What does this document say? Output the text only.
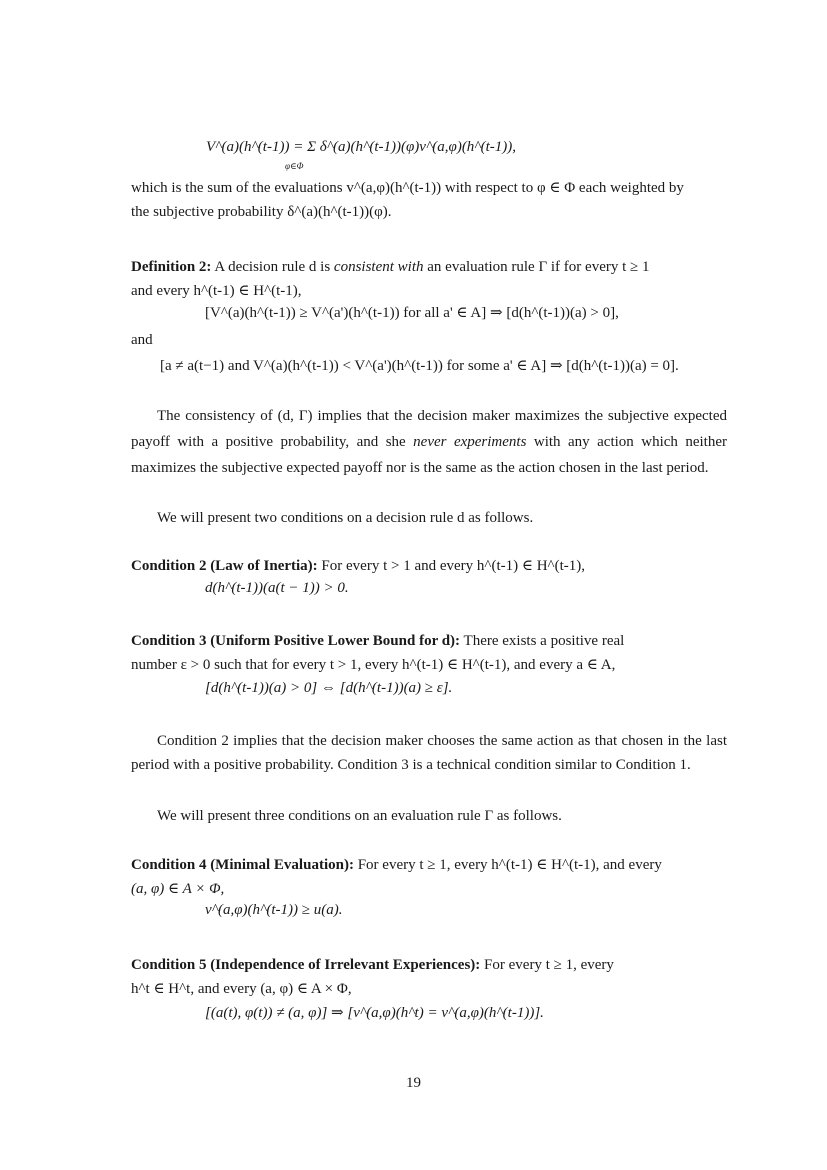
V^(a)(h^(t-1)) = Σ δ^(a)(h^(t-1))(φ)v^(a,φ)(h^(t-1)),
φ∈Φ

which is the sum of the evaluations v^(a,φ)(h^(t-1)) with respect to φ ∈ Φ each weighted by

the subjective probability δ^(a)(h^(t-1))(φ).

Definition 2: A decision rule d is consistent with an evaluation rule Γ if for every t ≥ 1

and every h^(t-1) ∈ H^(t-1),

[V^(a)(h^(t-1)) ≥ V^(a')(h^(t-1)) for all a' ∈ A] ⇒ [d(h^(t-1))(a) > 0],
and
[a ≠ a(t−1) and V^(a)(h^(t-1)) < V^(a')(h^(t-1)) for some a' ∈ A] ⇒ [d(h^(t-1))(a) = 0].

The consistency of (d, Γ) implies that the decision maker maximizes the subjective expected payoff with a positive probability, and she never experiments with any action which neither maximizes the subjective expected payoff nor is the same as the action chosen in the last period.

We will present two conditions on a decision rule d as follows.

Condition 2 (Law of Inertia): For every t > 1 and every h^(t-1) ∈ H^(t-1),

d(h^(t-1))(a(t − 1)) > 0.

Condition 3 (Uniform Positive Lower Bound for d): There exists a positive real

number ε > 0 such that for every t > 1, every h^(t-1) ∈ H^(t-1), and every a ∈ A,

[d(h^(t-1))(a) > 0] ⇔ [d(h^(t-1))(a) ≥ ε].

Condition 2 implies that the decision maker chooses the same action as that chosen in the last period with a positive probability. Condition 3 is a technical condition similar to Condition 1.

We will present three conditions on an evaluation rule Γ as follows.

Condition 4 (Minimal Evaluation): For every t ≥ 1, every h^(t-1) ∈ H^(t-1), and every

(a, φ) ∈ A × Φ,

v^(a,φ)(h^(t-1)) ≥ u(a).

Condition 5 (Independence of Irrelevant Experiences): For every t ≥ 1, every

h^t ∈ H^t, and every (a, φ) ∈ A × Φ,

[(a(t), φ(t)) ≠ (a, φ)] ⇒ [v^(a,φ)(h^t) = v^(a,φ)(h^(t-1))].
19
